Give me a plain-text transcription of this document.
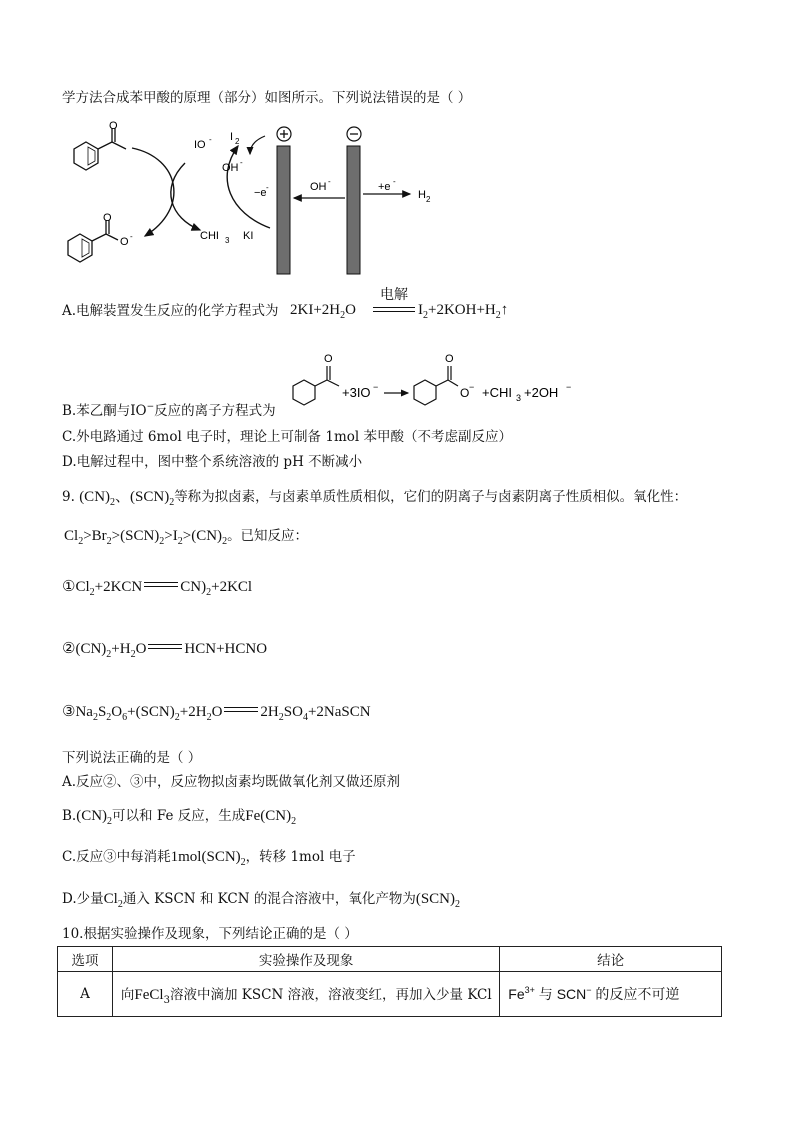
学方法合成苯甲酸的原理（部分）如图所示。下列说法错误的是（ ）
O
O
O -
IO - I 2
OH -
CHI 3 KI
−e -	OH -	+e -
H 2
A.电解装置发生反应的化学方程式为 $2KI+2H_2O$
电解
$I_2+2KOH+H_2↑$
B.苯乙酮与IO−反应的离子方程式为
O
+3IO −
O
O − +CHI 3 +2OH −
C.外电路通过 6mol 电子时，理论上可制备 1mol 苯甲酸（不考虑副反应）
D.电解过程中，图中整个系统溶液的 pH 不断减小
9. $(CN)_2$、$(SCN)_2$等称为拟卤素，与卤素单质性质相似，它们的阴离子与卤素阴离子性质相似。氧化性：
$Cl_2>Br_2>(SCN)_2>I_2>(CN)_2$。已知反应：
$①Cl_2+2KCN$	$CN)_2+2KCl$
$②(CN)_2+H_2O$	HCN+HCNO
$③Na_2S_2O_6+(SCN)_2+2H_2O$	$2H_2SO_4+2NaSCN$
下列说法正确的是（ ）
A.反应②、③中，反应物拟卤素均既做氧化剂又做还原剂
$B.(CN)_2$可以和 Fe 反应，生成$Fe(CN)_2$
C.反应③中每消耗$1mol(SCN)_2$，转移 1mol 电子
D.少量$Cl_2$通入 KSCN 和 KCN 的混合溶液中，氧化产物为$(SCN)_2$
10.根据实验操作及现象，下列结论正确的是（ ）
选项	实验操作及现象	结论
A	向FeCl$_3$溶液中滴加 KSCN 溶液，溶液变红，再加入少量 KCl	$Fe^{3+}$ 与 SCN− 的反应不可逆
